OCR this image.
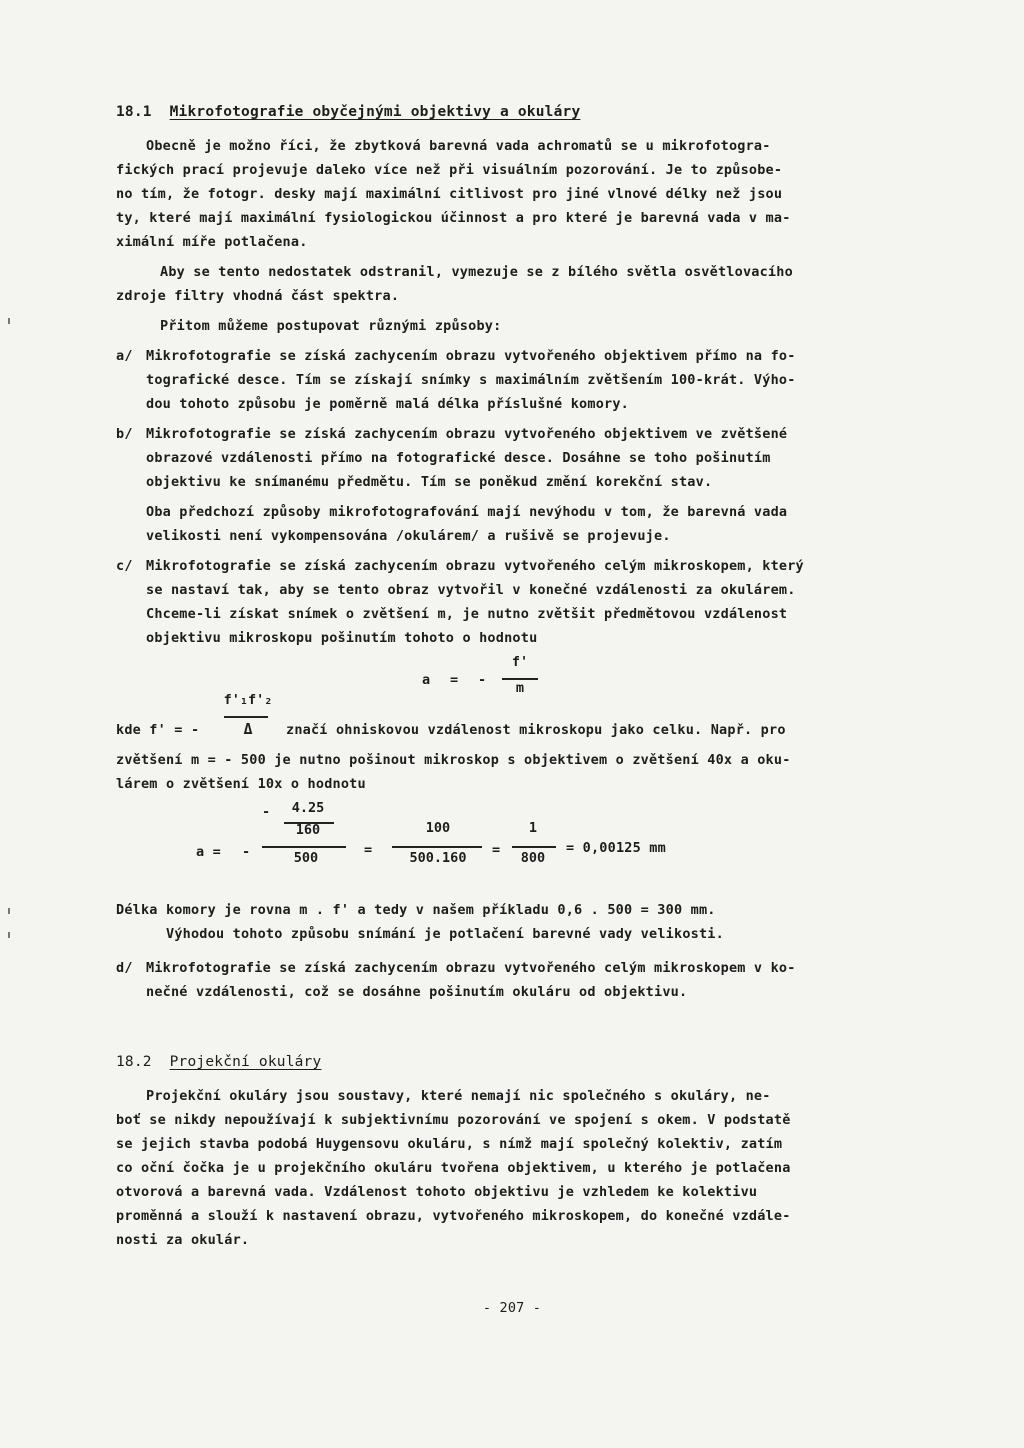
18.1 Mikrofotografie obyčejnými objektivy a okuláry
Obecně je možno říci, že zbytková barevná vada achromatů se u mikrofotogra-
fických prací projevuje daleko více než při visuálním pozorování. Je to způsobe-
no tím, že fotogr. desky mají maximální citlivost pro jiné vlnové délky než jsou
ty, které mají maximální fysiologickou účinnost a pro které je barevná vada v ma-
ximální míře potlačena.
Aby se tento nedostatek odstranil, vymezuje se z bílého světla osvětlovacího
zdroje filtry vhodná část spektra.
Přitom můžeme postupovat různými způsoby:
a/ Mikrofotografie se získá zachycením obrazu vytvořeného objektivem přímo na fo-
tografické desce. Tím se získají snímky s maximálním zvětšením 100-krát. Výho-
dou tohoto způsobu je poměrně malá délka příslušné komory.
b/ Mikrofotografie se získá zachycením obrazu vytvořeného objektivem ve zvětšené
obrazové vzdálenosti přímo na fotografické desce. Dosáhne se toho pošinutím
objektivu ke snímanému předmětu. Tím se poněkud změní korekční stav.
Oba předchozí způsoby mikrofotografování mají nevýhodu v tom, že barevná vada
velikosti není vykompensována /okulárem/ a rušivě se projevuje.
c/ Mikrofotografie se získá zachycením obrazu vytvořeného celým mikroskopem, který
se nastaví tak, aby se tento obraz vytvořil v konečné vzdálenosti za okulárem.
Chceme-li získat snímek o zvětšení m, je nutno zvětšit předmětovou vzdálenost
objektivu mikroskopu pošinutím tohoto o hodnotu
a = -
f'
m
kde f' = -
f'₁f'₂
Δ	značí ohniskovou vzdálenost mikroskopu jako celku. Např. pro
zvětšení m = - 500 je nutno pošinout mikroskop s objektivem o zvětšení 40x a oku-
lárem o zvětšení 10x o hodnotu
a = -
-	4.25
160
500	=
100
500.160	=
1
800
= 0,00125 mm
Délka komory je rovna m . f' a tedy v našem příkladu 0,6 . 500 = 300 mm.
Výhodou tohoto způsobu snímání je potlačení barevné vady velikosti.
d/ Mikrofotografie se získá zachycením obrazu vytvořeného celým mikroskopem v ko-
nečné vzdálenosti, což se dosáhne pošinutím okuláru od objektivu.
18.2 Projekční okuláry
Projekční okuláry jsou soustavy, které nemají nic společného s okuláry, ne-
boť se nikdy nepoužívají k subjektivnímu pozorování ve spojení s okem. V podstatě
se jejich stavba podobá Huygensovu okuláru, s nímž mají společný kolektiv, zatím
co oční čočka je u projekčního okuláru tvořena objektivem, u kterého je potlačena
otvorová a barevná vada. Vzdálenost tohoto objektivu je vzhledem ke kolektivu
proměnná a slouží k nastavení obrazu, vytvořeného mikroskopem, do konečné vzdále-
nosti za okulár.
- 207 -
